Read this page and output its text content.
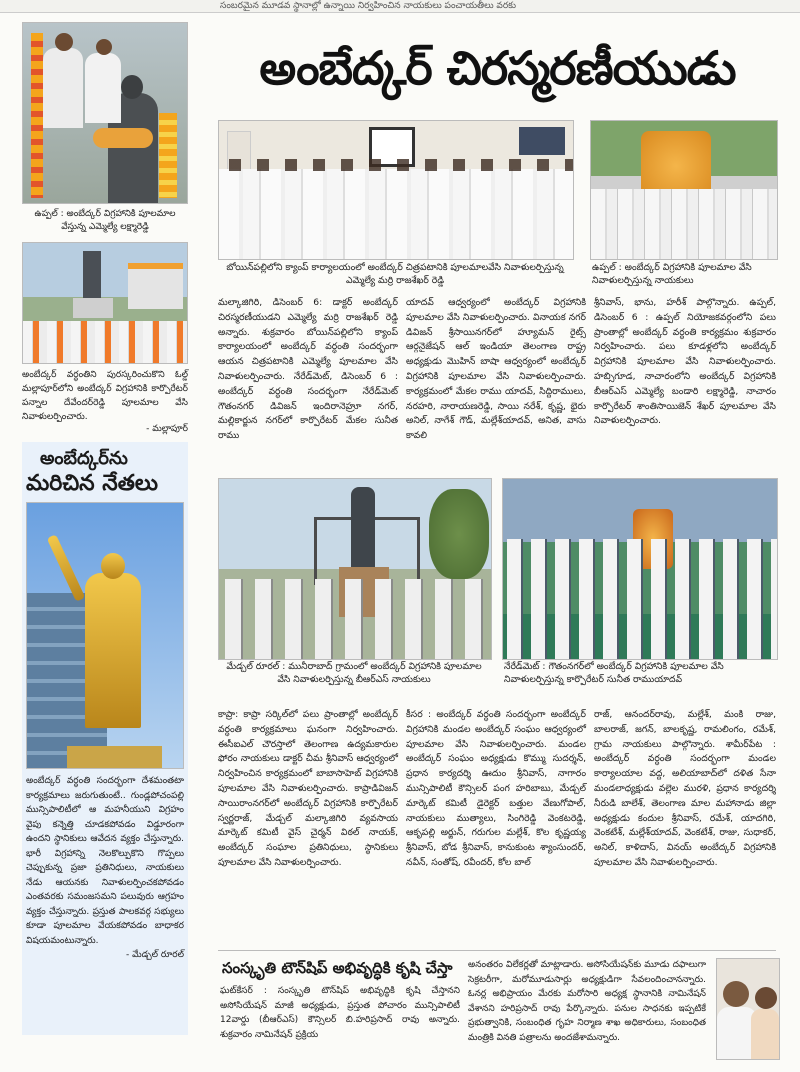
సంబరమైన మూడవ స్థానాల్లో ఉన్నాయి నిర్వహించిన నాయకులు పంచాయతీలు వరకు
ఉప్పల్ : అంబేద్కర్ విగ్రహానికి పూలమాల వేస్తున్న ఎమ్మెల్యే లక్ష్మారెడ్డి

అంబేద్కర్ వర్ధంతిని పురస్కరించుకొని ఓల్డ్ మల్లాపూర్‌లోని అంబేద్కర్ విగ్రహానికి కార్పొరేటర్ పన్నాల దేవేందర్‌రెడ్డి పూలమాల వేసి నివాళులర్పించారు.

- మల్లాపూర్

అంబేద్కర్‌ను
మరిచిన నేతలు

అంబేద్కర్ వర్ధంతి సందర్భంగా దేశమంతటా కార్యక్రమాలు జరుగుతుంటే.. గుండ్లపోచంపల్లి మున్సిపాలిటీలో ఆ మహనీయుని విగ్రహం వైపు కన్నెత్తి చూడకపోవడం విడ్డూరంగా ఉందని స్థానికులు ఆవేదన వ్యక్తం చేస్తున్నారు. భారీ విగ్రహాన్ని నెలకొల్పుకొని గొప్పలు చెప్పుకున్న ప్రజా ప్రతినిధులు, నాయకులు నేడు ఆయనకు నివాళులర్పించకపోవడం ఎంతవరకు సమంజసమని పలువురు ఆగ్రహం వ్యక్తం చేస్తున్నారు. ప్రస్తుత పాలకవర్గ సభ్యులు కూడా పూలమాల వేయకపోవడం బాధాకర విషయమంటున్నారు.

- మేడ్చల్ రూరల్

అంబేద్కర్ చిరస్మరణీయుడు
బోయిన్‌పల్లిలోని క్యాంప్ కార్యాలయంలో అంబేద్కర్ చిత్రపటానికి పూలమాలవేసి నివాళులర్పిస్తున్న ఎమ్మెల్యే మర్రి రాజశేఖర్ రెడ్డి
ఉప్పల్ : అంబేద్కర్ విగ్రహానికి పూలమాల వేసి నివాళులర్పిస్తున్న నాయకులు

మల్కాజిగిరి, డిసెంబర్ 6: డాక్టర్ అంబేద్కర్ చిరస్మరణీయుడని ఎమ్మెల్యే మర్రి రాజశేఖర్ రెడ్డి అన్నారు. శుక్రవారం బోయిన్‌పల్లిలోని క్యాంప్ కార్యాలయంలో అంబేద్కర్ వర్ధంతి సందర్భంగా ఆయన చిత్రపటానికి ఎమ్మెల్యే పూలమాల వేసి నివాళులర్పించారు. నేరేడ్‌మెట్, డిసెంబర్ 6 : అంబేద్కర్ వర్ధంతి సందర్భంగా నేరేడ్‌మెట్ గౌతంనగర్ డివిజన్ ఇందిరానెహ్రూ నగర్, మల్లికార్జున నగర్‌లో కార్పొరేటర్ మేకల సునీత రాము

యాదవ్ ఆధ్వర్యంలో అంబేద్కర్ విగ్రహానికి పూలమాల వేసి నివాళులర్పించారు. వినాయక నగర్ డివిజన్ శ్రీసాయినగర్‌లో హ్యూమన్ రైట్స్ ఆర్గనైజేషన్ ఆల్ ఇండియా తెలంగాణ రాష్ట్ర అధ్యక్షుడు మొహిన్ బాషా ఆధ్వర్యంలో అంబేద్కర్ విగ్రహానికి పూలమాల వేసి నివాళులర్పించారు. కార్యక్రమంలో మేకల రాము యాదవ్, సిద్దిరాములు, నరహరి, నారాయణరెడ్డి, సాయి నరేశ్, కృష్ణ, భైరు అనిల్, నాగేశ్ గౌడ్, మల్లేశ్‌యాదవ్, అనిత, వాసు కావలి

శ్రీనివాస్, భాను, హరీశ్ పాల్గొన్నారు. ఉప్పల్, డిసెంబర్ 6 : ఉప్పల్ నియోజకవర్గంలోని పలు ప్రాంతాల్లో అంబేద్కర్ వర్ధంతి కార్యక్రమం శుక్రవారం నిర్వహించారు. పలు కూడళ్లలోని అంబేద్కర్ విగ్రహానికి పూలమాల వేసి నివాళులర్పించారు. హబ్సిగూడ, నాచారంలోని అంబేద్కర్ విగ్రహానికి బీఆర్ఎస్ ఎమ్మెల్యే బండారి లక్ష్మారెడ్డి, నాచారం కార్పొరేటర్ శాంతిసాయిజెన్ శేఖర్ పూలమాల వేసి నివాళులర్పించారు.

మేడ్చల్ రూరల్ : మునీరాబాద్ గ్రామంలో అంబేద్కర్ విగ్రహానికి పూలమాల వేసి నివాళులర్పిస్తున్న బీఆర్ఎస్ నాయకులు
నేరేడ్‌మెట్ : గౌతంనగర్‌లో అంబేద్కర్ విగ్రహానికి పూలమాల వేసి నివాళులర్పిస్తున్న కార్పొరేటర్ సునీత రాముయాదవ్

కాప్రా: కాప్రా సర్కిల్‌లో పలు ప్రాంతాల్లో అంబేద్కర్ వర్ధంతి కార్యక్రమాలు ఘనంగా నిర్వహించారు. ఈసీఐఎల్ చౌరస్తాలో తెలంగాణ ఉద్యమకారుల ఫోరం నాయకులు డాక్టర్ చీమ శ్రీనివాస్ ఆధ్వర్యంలో నిర్వహించిన కార్యక్రమంలో బాబాసాహెబ్ విగ్రహానికి పూలమాల వేసి నివాళులర్పించారు. కాప్రాడివిజన్ సాయిరాంనగర్‌లో అంబేద్కర్ విగ్రహానికి కార్పొరేటర్ స్వర్ణరాజ్, మేడ్చల్ మల్కాజిగిరి వ్యవసాయ మార్కెట్ కమిటీ వైస్ చైర్మన్ విఠల్ నాయక్, అంబేద్కర్ సంఘాల ప్రతినిధులు, స్థానికులు పూలమాల వేసి నివాళులర్పించారు.

కీసర : అంబేద్కర్ వర్ధంతి సందర్భంగా అంబేద్కర్ విగ్రహానికి మండల అంబేద్కర్ సంఘం ఆధ్వర్యంలో పూలమాల వేసి నివాళులర్పించారు. మండల అంబేద్కర్ సంఘం అధ్యక్షుడు కొమ్ము సుదర్శన్, ప్రధాన కార్యదర్శి ఊదుం శ్రీనివాస్, నాగారం మున్సిపాలిటీ కౌన్సిలర్ పంగ హరిబాబు, మేడ్చల్ మార్కెట్ కమిటీ డైరెక్టర్ బత్తుల వేణుగోపాల్, నాయకులు ముత్యాలు, సింగిరెడ్డి వెంకటరెడ్డి, ఆకృపల్లి అర్జున్, గరుగుల మల్లేశ్, కొల కృష్ణయ్య శ్రీనివాస్, బోడ శ్రీనివాస్, కానుకుంట శ్యాంసుందర్, నవీన్, సంతోష్, రవీందర్, కోల బాల్

రాజ్, ఆనందర్‌రావు, మల్లేశ్, మంకి రాజు, బాలరాజ్, జగన్, బాలకృష్ణ, రామలింగం, రమేశ్, గ్రామ నాయకులు పాల్గొన్నారు. శామీర్‌పేట : అంబేద్కర్ వర్ధంతి సందర్భంగా మండల కార్యాలయాల వద్ద, అలియాబాద్‌లో దళిత సేనా మండలాధ్యక్షుడు వల్లెల మురళి, ప్రధాన కార్యదర్శి నీరుడి బాలేశ్, తెలంగాణ మాల మహానాడు జిల్లా అధ్యక్షుడు కందుల శ్రీనివాస్, రమేశ్, యాదగిరి, వెంకటేశ్, మల్లేశ్‌యాదవ్, వెంకటేశ్, రాజు, సుధాకర్, అనిల్, కాళిదాస్, వినయ్ అంబేద్కర్ విగ్రహానికి పూలమాల వేసి నివాళులర్పించారు.

సంస్కృతి టౌన్‌షిప్ అభివృద్ధికి కృషి చేస్తా

ఘట్‌కేసర్ : సంస్కృతి టౌన్‌షిప్ అభివృద్ధికి కృషి చేస్తానని అసోసియేషన్ మాజీ అధ్యక్షుడు, ప్రస్తుత పోచారం మున్సిపాలిటీ 12వార్డు (బీఆర్ఎస్) కౌన్సిలర్ బి.హరిప్రసాద్ రావు అన్నారు. శుక్రవారం నామినేషన్ ప్రక్రియ

అనంతరం విలేకర్లతో మాట్లాడారు. అసోసియేషన్‌కు మూడు దఫాలుగా సెక్రటరీగా, మరోమూడుసార్లు అధ్యక్షుడిగా సేవలందించానన్నారు. ఓనర్ల అభిప్రాయం మేరకు మరోసారి అధ్యక్ష స్థానానికి నామినేషన్ వేశానని హరిప్రసాద్ రావు పేర్కొన్నారు. పనుల సాధనకు ఇప్పటికే ప్రభుత్వానికి, సంబంధిత గృహ నిర్మాణ శాఖ అధికారులు, సంబంధిత మంత్రికి వినతి పత్రాలను అందజేశామన్నారు.
